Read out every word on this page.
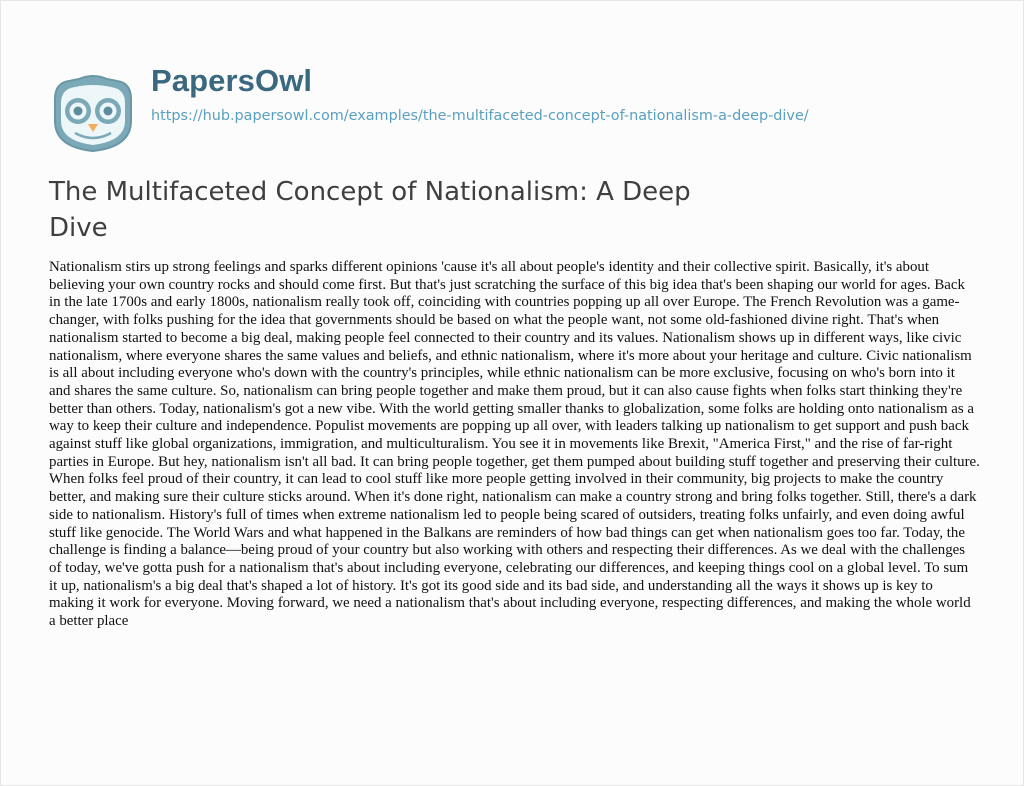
PapersOwl
https://hub.papersowl.com/examples/the-multifaceted-concept-of-nationalism-a-deep-dive/
The Multifaceted Concept of Nationalism: A Deep Dive

Nationalism stirs up strong feelings and sparks different opinions 'cause it's all about people's identity and their collective spirit. Basically, it's about believing your own country rocks and should come first. But that's just scratching the surface of this big idea that's been shaping our world for ages. Back in the late 1700s and early 1800s, nationalism really took off, coinciding with countries popping up all over Europe. The French Revolution was a game-changer, with folks pushing for the idea that governments should be based on what the people want, not some old-fashioned divine right. That's when nationalism started to become a big deal, making people feel connected to their country and its values. Nationalism shows up in different ways, like civic nationalism, where everyone shares the same values and beliefs, and ethnic nationalism, where it's more about your heritage and culture. Civic nationalism is all about including everyone who's down with the country's principles, while ethnic nationalism can be more exclusive, focusing on who's born into it and shares the same culture. So, nationalism can bring people together and make them proud, but it can also cause fights when folks start thinking they're better than others. Today, nationalism's got a new vibe. With the world getting smaller thanks to globalization, some folks are holding onto nationalism as a way to keep their culture and independence. Populist movements are popping up all over, with leaders talking up nationalism to get support and push back against stuff like global organizations, immigration, and multiculturalism. You see it in movements like Brexit, "America First," and the rise of far-right parties in Europe. But hey, nationalism isn't all bad. It can bring people together, get them pumped about building stuff together and preserving their culture. When folks feel proud of their country, it can lead to cool stuff like more people getting involved in their community, big projects to make the country better, and making sure their culture sticks around. When it's done right, nationalism can make a country strong and bring folks together. Still, there's a dark side to nationalism. History's full of times when extreme nationalism led to people being scared of outsiders, treating folks unfairly, and even doing awful stuff like genocide. The World Wars and what happened in the Balkans are reminders of how bad things can get when nationalism goes too far. Today, the challenge is finding a balance—being proud of your country but also working with others and respecting their differences. As we deal with the challenges of today, we've gotta push for a nationalism that's about including everyone, celebrating our differences, and keeping things cool on a global level. To sum it up, nationalism's a big deal that's shaped a lot of history. It's got its good side and its bad side, and understanding all the ways it shows up is key to making it work for everyone. Moving forward, we need a nationalism that's about including everyone, respecting differences, and making the whole world a better place
